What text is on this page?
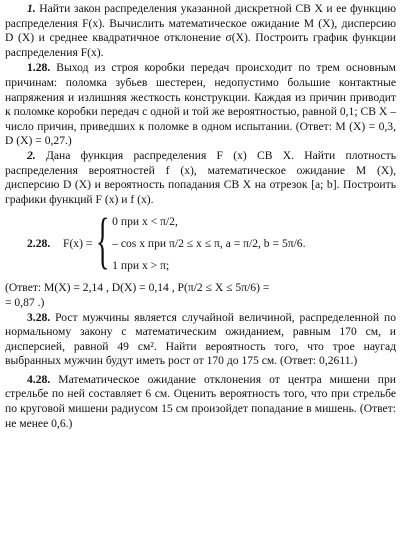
1. Найти закон распределения указанной дискретной СВ X и ее функцию распределения F(x). Вычислить математическое ожидание M (X), дисперсию D (X) и среднее квадратичное отклонение σ(X). Построить график функции распределения F(x).

1.28. Выход из строя коробки передач происходит по трем основным причинам: поломка зубьев шестерен, недопустимо большие контактные напряжения и излишняя жесткость конструкции. Каждая из причин приводит к поломке коробки передач с одной и той же вероятностью, равной 0,1; СВ X – число причин, приведших к поломке в одном испытании. (Ответ: M (X) = 0,3, D (X) = 0,27.)

2. Дана функция распределения F (x) СВ X. Найти плотность распределения вероятностей f (x), математическое ожидание M (X), дисперсию D (X) и вероятность попадания СВ X на отрезок [a; b]. Построить графики функций F (x) и f (x).

2.28.	F(x) = { 0 при x < π/2,
– cos x при π/2 ≤ x ≤ π, a = π/2, b = 5π/6.
1 при x > π;

(Ответ: M(X) = 2,14 , D(X) = 0,14 , P(π/2 ≤ X ≤ 5π/6) =

= 0,87 .)

3.28. Рост мужчины является случайной величиной, распределенной по нормальному закону с математическим ожиданием, равным 170 см, и дисперсией, равной 49 см². Найти вероятность того, что трое наугад выбранных мужчин будут иметь рост от 170 до 175 см. (Ответ: 0,2611.)

4.28. Математическое ожидание отклонения от центра мишени при стрельбе по ней составляет 6 см. Оценить вероятность того, что при стрельбе по круговой мишени радиусом 15 см произойдет попадание в мишень. (Ответ: не менее 0,6.)
